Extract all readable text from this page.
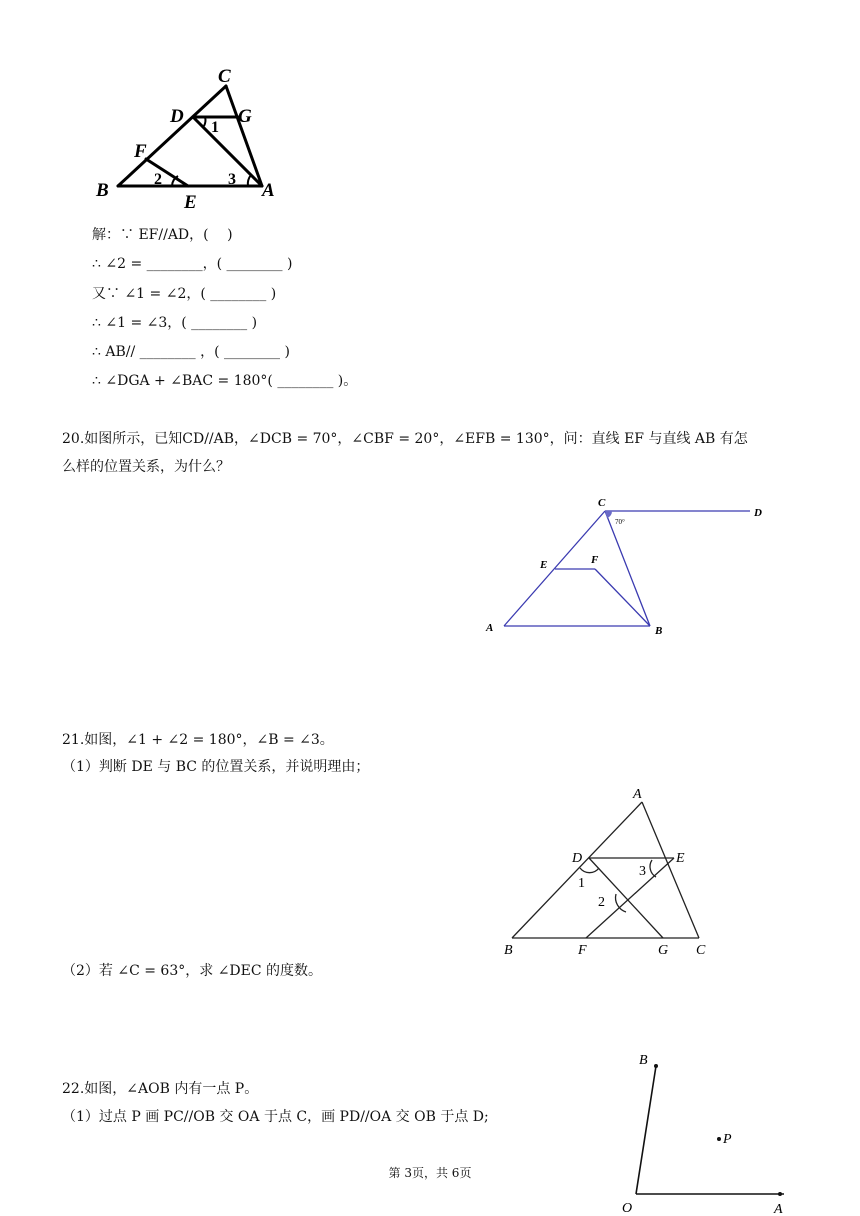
C
D	G
F
B
E
A
1
2	3
解：∵ EF//AD，(　 )
∴ ∠2 = ________，( ________ )
又∵ ∠1 = ∠2，( ________ )
∴ ∠1 = ∠3，( ________ )
∴ AB// ________ ，( ________ )
∴ ∠DGA + ∠BAC = 180°( ________ )。
20.如图所示，已知CD//AB，∠DCB = 70°，∠CBF = 20°，∠EFB = 130°，问：直线 EF 与直线 AB 有怎
么样的位置关系，为什么？
C
D
E	F
A	B
70°
21.如图，∠1 + ∠2 = 180°，∠B = ∠3。
（1）判断 DE 与 BC 的位置关系，并说明理由；
A
D	E
B	F	G C
1
2
3
（2）若 ∠C = 63°，求 ∠DEC 的度数。
22.如图，∠AOB 内有一点 P。
（1）过点 P 画 PC//OB 交 OA 于点 C，画 PD//OA 交 OB 于点 D;
B
P
O	A
第 3页，共 6页
